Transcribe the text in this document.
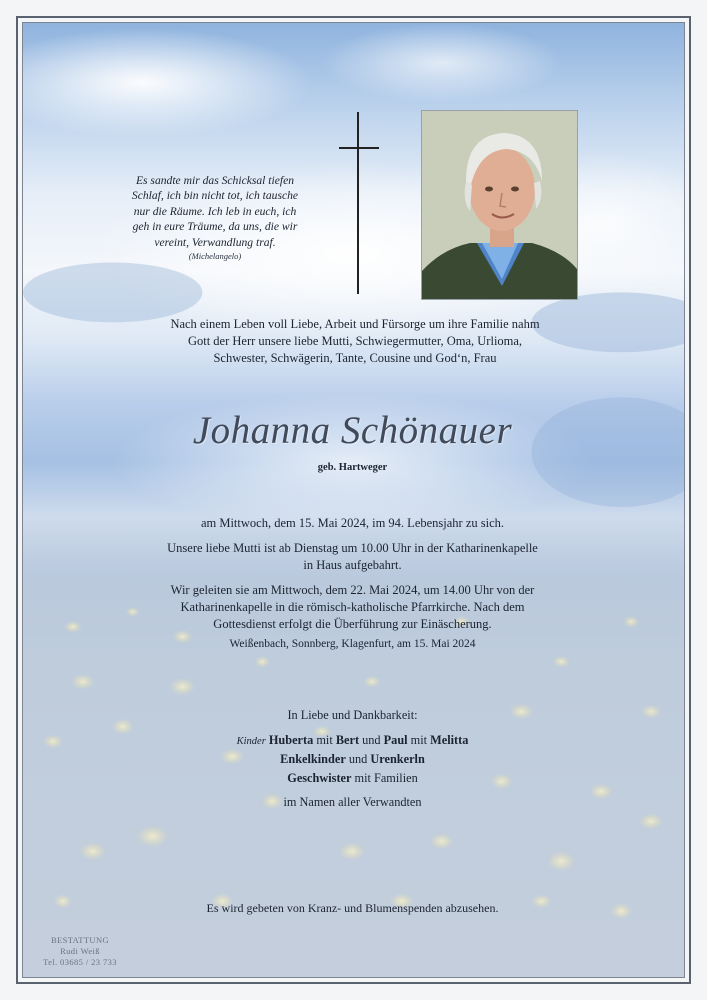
Es sandte mir das Schicksal tiefen
Schlaf, ich bin nicht tot, ich tausche
nur die Räume. Ich leb in euch, ich
geh in eure Träume, da uns, die wir
vereint, Verwandlung traf.
(Michelangelo)
Nach einem Leben voll Liebe, Arbeit und Fürsorge um ihre Familie nahm
Gott der Herr unsere liebe Mutti, Schwiegermutter, Oma, Urlioma,
Schwester, Schwägerin, Tante, Cousine und God‘n, Frau
Johanna Schönauer
geb. Hartweger
am Mittwoch, dem 15. Mai 2024, im 94. Lebensjahr zu sich.
Unsere liebe Mutti ist ab Dienstag um 10.00 Uhr in der Katharinenkapelle
in Haus aufgebahrt.
Wir geleiten sie am Mittwoch, dem 22. Mai 2024, um 14.00 Uhr von der
Katharinenkapelle in die römisch-katholische Pfarrkirche. Nach dem
Gottesdienst erfolgt die Überführung zur Einäscherung.
Weißenbach, Sonnberg, Klagenfurt, am 15. Mai 2024
In Liebe und Dankbarkeit:
Kinder Huberta mit Bert und Paul mit Melitta
Enkelkinder und Urenkerln
Geschwister mit Familien
im Namen aller Verwandten
Es wird gebeten von Kranz- und Blumenspenden abzusehen.
BESTATTUNG
Rudi Weiß
Tel. 03685 / 23 733
